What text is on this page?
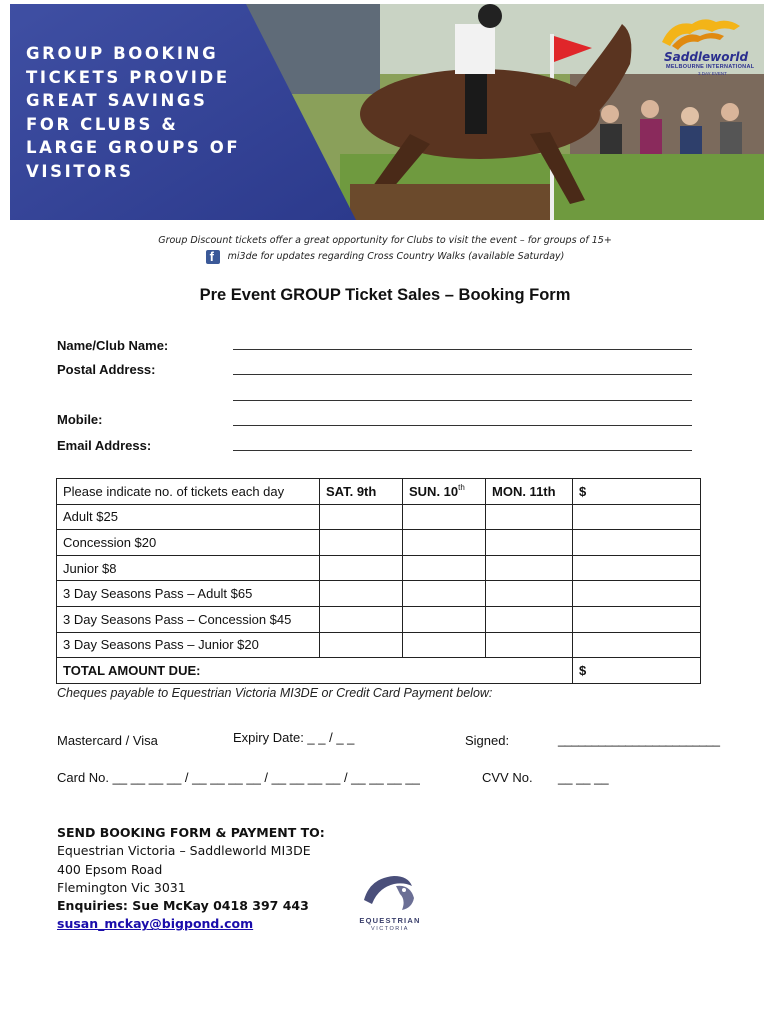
GROUP BOOKING
TICKETS PROVIDE
GREAT SAVINGS
FOR CLUBS &
LARGE GROUPS OF
VISITORS
Saddleworld
MELBOURNE INTERNATIONAL
3 DAY EVENT
Group Discount tickets offer a great opportunity for Clubs to visit the event – for groups of 15+
f
mi3de for updates regarding Cross Country Walks (available Saturday)
Pre Event GROUP Ticket Sales – Booking Form
Name/Club Name:
Postal Address:
Mobile:
Email Address:
Please indicate no. of tickets each day	SAT. 9th	SUN. 10th	MON. 11th	$
Adult $25				
Concession $20				
Junior $8				
3 Day Seasons Pass – Adult $65				
3 Day Seasons Pass – Concession $45				
3 Day Seasons Pass – Junior $20				
TOTAL AMOUNT DUE:				$
Cheques payable to Equestrian Victoria MI3DE or Credit Card Payment below:
Mastercard / Visa	Expiry Date: _ _ / _ _	Signed:	________________________
Card No. __ __ __ __ / __ __ __ __ / __ __ __ __ / __ __ __ __	CVV No. __ __ __
SEND BOOKING FORM & PAYMENT TO:
Equestrian Victoria – Saddleworld MI3DE
400 Epsom Road
Flemington Vic 3031
Enquiries: Sue McKay 0418 397 443
susan_mckay@bigpond.com	EQUESTRIAN
VICTORIA
